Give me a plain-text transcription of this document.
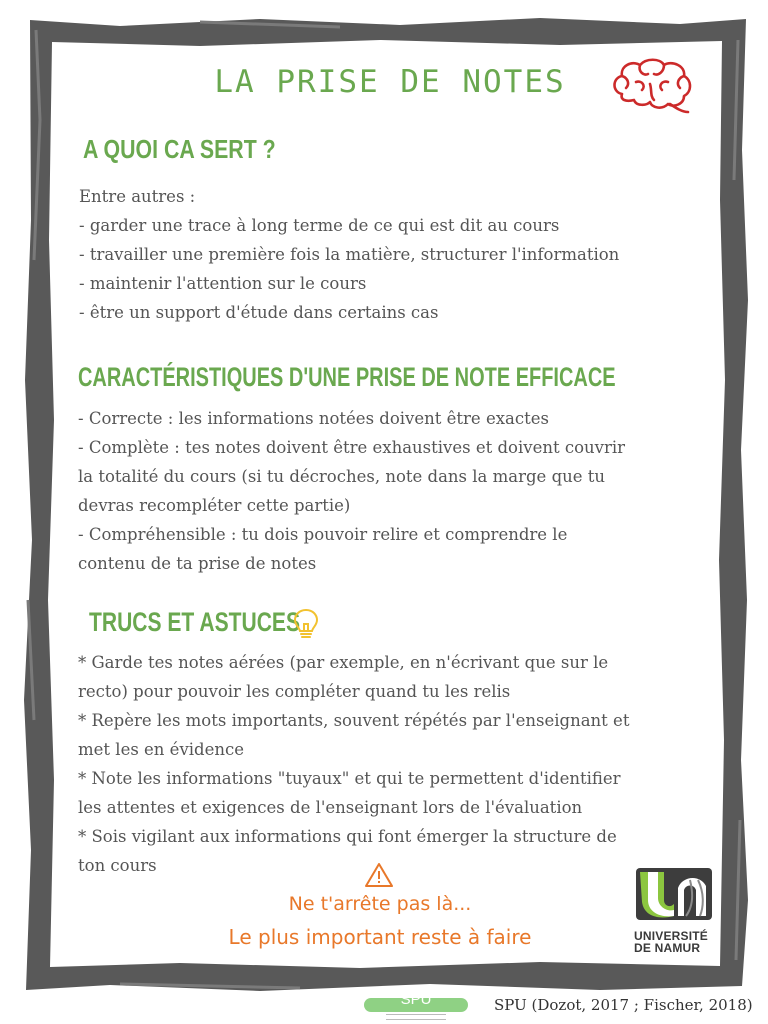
LA PRISE DE NOTES
A QUOI CA SERT ?

Entre autres :
- garder une trace à long terme de ce qui est dit au cours
- travailler une première fois la matière, structurer l'information
- maintenir l'attention sur le cours
- être un support d'étude dans certains cas

CARACTÉRISTIQUES D'UNE PRISE DE NOTE EFFICACE

- Correcte : les informations notées doivent être exactes
- Complète : tes notes doivent être exhaustives et doivent couvrir
la totalité du cours (si tu décroches, note dans la marge que tu
devras recompléter cette partie)
- Compréhensible : tu dois pouvoir relire et comprendre le
contenu de ta prise de notes

TRUCS ET ASTUCES

* Garde tes notes aérées (par exemple, en n'écrivant que sur le
recto) pour pouvoir les compléter quand tu les relis
* Repère les mots importants, souvent répétés par l'enseignant et
met les en évidence
* Note les informations "tuyaux" et qui te permettent d'identifier
les attentes et exigences de l'enseignant lors de l'évaluation
* Sois vigilant aux informations qui font émerger la structure de
ton cours

Ne t'arrête pas là...

Le plus important reste à faire	UNIVERSITÉ
DE NAMUR
SPU	SPU (Dozot, 2017 ; Fischer, 2018)
